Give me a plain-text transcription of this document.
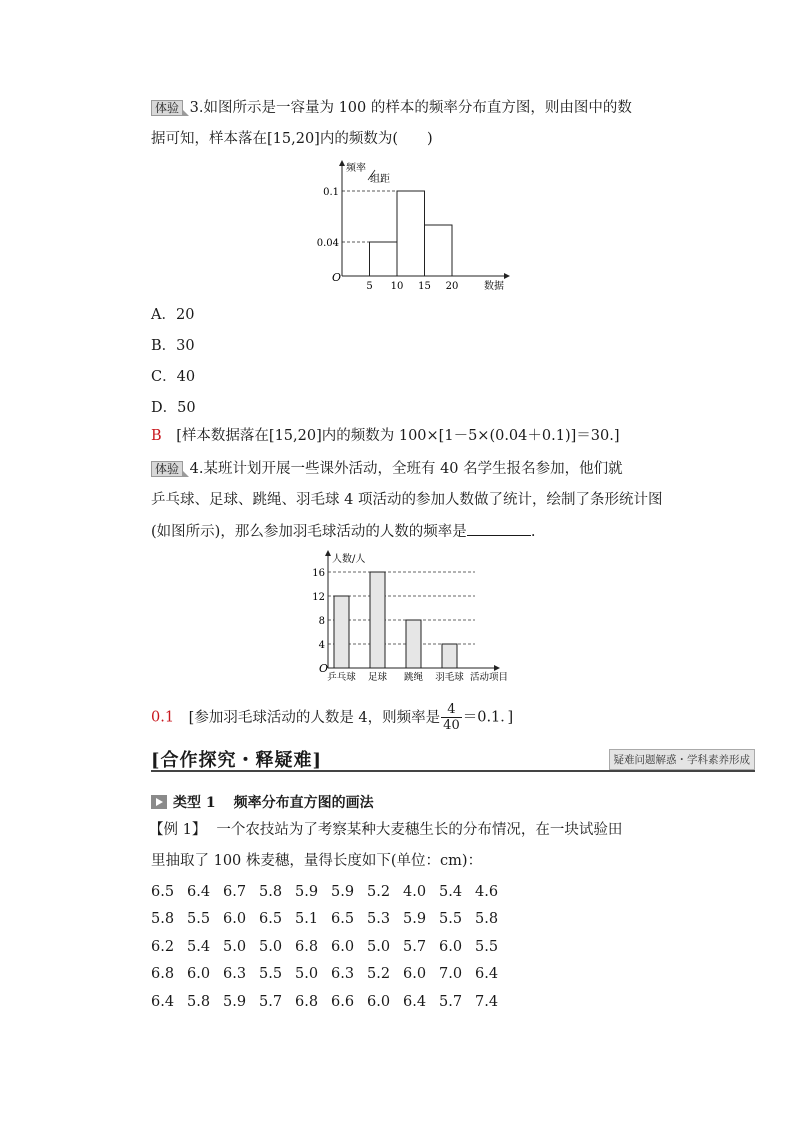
体验 3.如图所示是一容量为 100 的样本的频率分布直方图，则由图中的数
据可知，样本落在[15,20]内的频数为(　　)
O
频率
组距
数据
0.04
0.1
5 10 15 20
A．20
B．30
C．40
D．50
B [样本数据落在[15,20]内的频数为 100×[1－5×(0.04＋0.1)]＝30.]
体验 4.某班计划开展一些课外活动，全班有 40 名学生报名参加，他们就
乒乓球、足球、跳绳、羽毛球 4 项活动的参加人数做了统计，绘制了条形统计图
(如图所示)，那么参加羽毛球活动的人数的频率是	.
人数/人
O
4
8
12
16
乒乓球 足球 跳绳 羽毛球 活动项目
0.1 [参加羽毛球活动的人数是 4，则频率是 $\frac{4}{40} =0.1$．]
[合作探究・释疑难]	疑难问题解惑・学科素养形成
类型 1 频率分布直方图的画法
【例 1】 一个农技站为了考察某种大麦穗生长的分布情况，在一块试验田
里抽取了 100 株麦穗，量得长度如下(单位：cm)：
6.5	6.4	6.7	5.8	5.9	5.9	5.2	4.0	5.4	4.6
5.8	5.5	6.0	6.5	5.1	6.5	5.3	5.9	5.5	5.8
6.2	5.4	5.0	5.0	6.8	6.0	5.0	5.7	6.0	5.5
6.8	6.0	6.3	5.5	5.0	6.3	5.2	6.0	7.0	6.4
6.4	5.8	5.9	5.7	6.8	6.6	6.0	6.4	5.7	7.4
